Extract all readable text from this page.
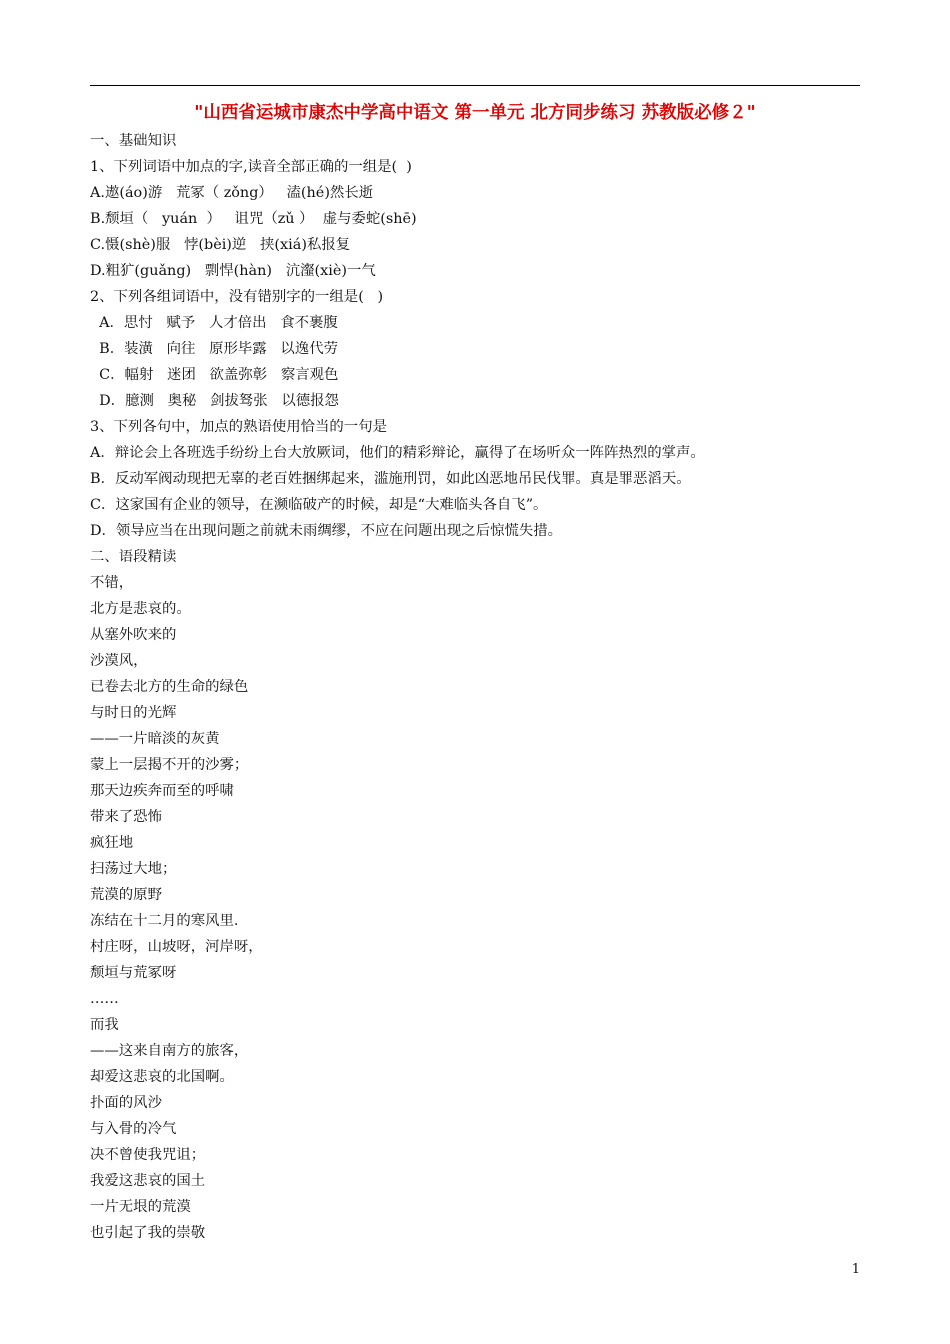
"山西省运城市康杰中学高中语文 第一单元 北方同步练习 苏教版必修２"
一、基础知识
1、下列词语中加点的字,读音全部正确的一组是(  )
A.遨(áo)游   荒冢（ zǒng）   溘(hé)然长逝
B.颓垣（   yuán  ）   诅咒（zǔ ）  虚与委蛇(shē)
C.慑(shè)服   悖(bèi)逆   挟(xiá)私报复
D.粗犷(guǎng)   剽悍(hàn)   沆瀣(xiè)一气
2、下列各组词语中，没有错别字的一组是(   )
A．思忖   赋予   人才倍出   食不裹腹
B．装潢   向往   原形毕露   以逸代劳
C．幅射   迷团   欲盖弥彰   察言观色
D．臆测   奥秘   剑拔驽张   以德报怨
3、下列各句中，加点的熟语使用恰当的一句是
A．辩论会上各班选手纷纷上台大放厥词，他们的精彩辩论，赢得了在场听众一阵阵热烈的掌声。
B．反动军阀动现把无辜的老百姓捆绑起来，滥施刑罚，如此凶恶地吊民伐罪。真是罪恶滔天。
C．这家国有企业的领导，在濒临破产的时候，却是“大难临头各自飞”。
D．领导应当在出现问题之前就未雨绸缪，不应在问题出现之后惊慌失措。
二、语段精读
不错，
北方是悲哀的。
从塞外吹来的
沙漠风，
已卷去北方的生命的绿色
与时日的光辉
——一片暗淡的灰黄
蒙上一层揭不开的沙雾；
那天边疾奔而至的呼啸
带来了恐怖
疯狂地
扫荡过大地；
荒漠的原野
冻结在十二月的寒风里.
村庄呀，山坡呀，河岸呀，
颓垣与荒冢呀
……
而我
——这来自南方的旅客，
却爱这悲哀的北国啊。
扑面的风沙
与入骨的冷气
决不曾使我咒诅；
我爱这悲哀的国土
一片无垠的荒漠
也引起了我的崇敬
1
